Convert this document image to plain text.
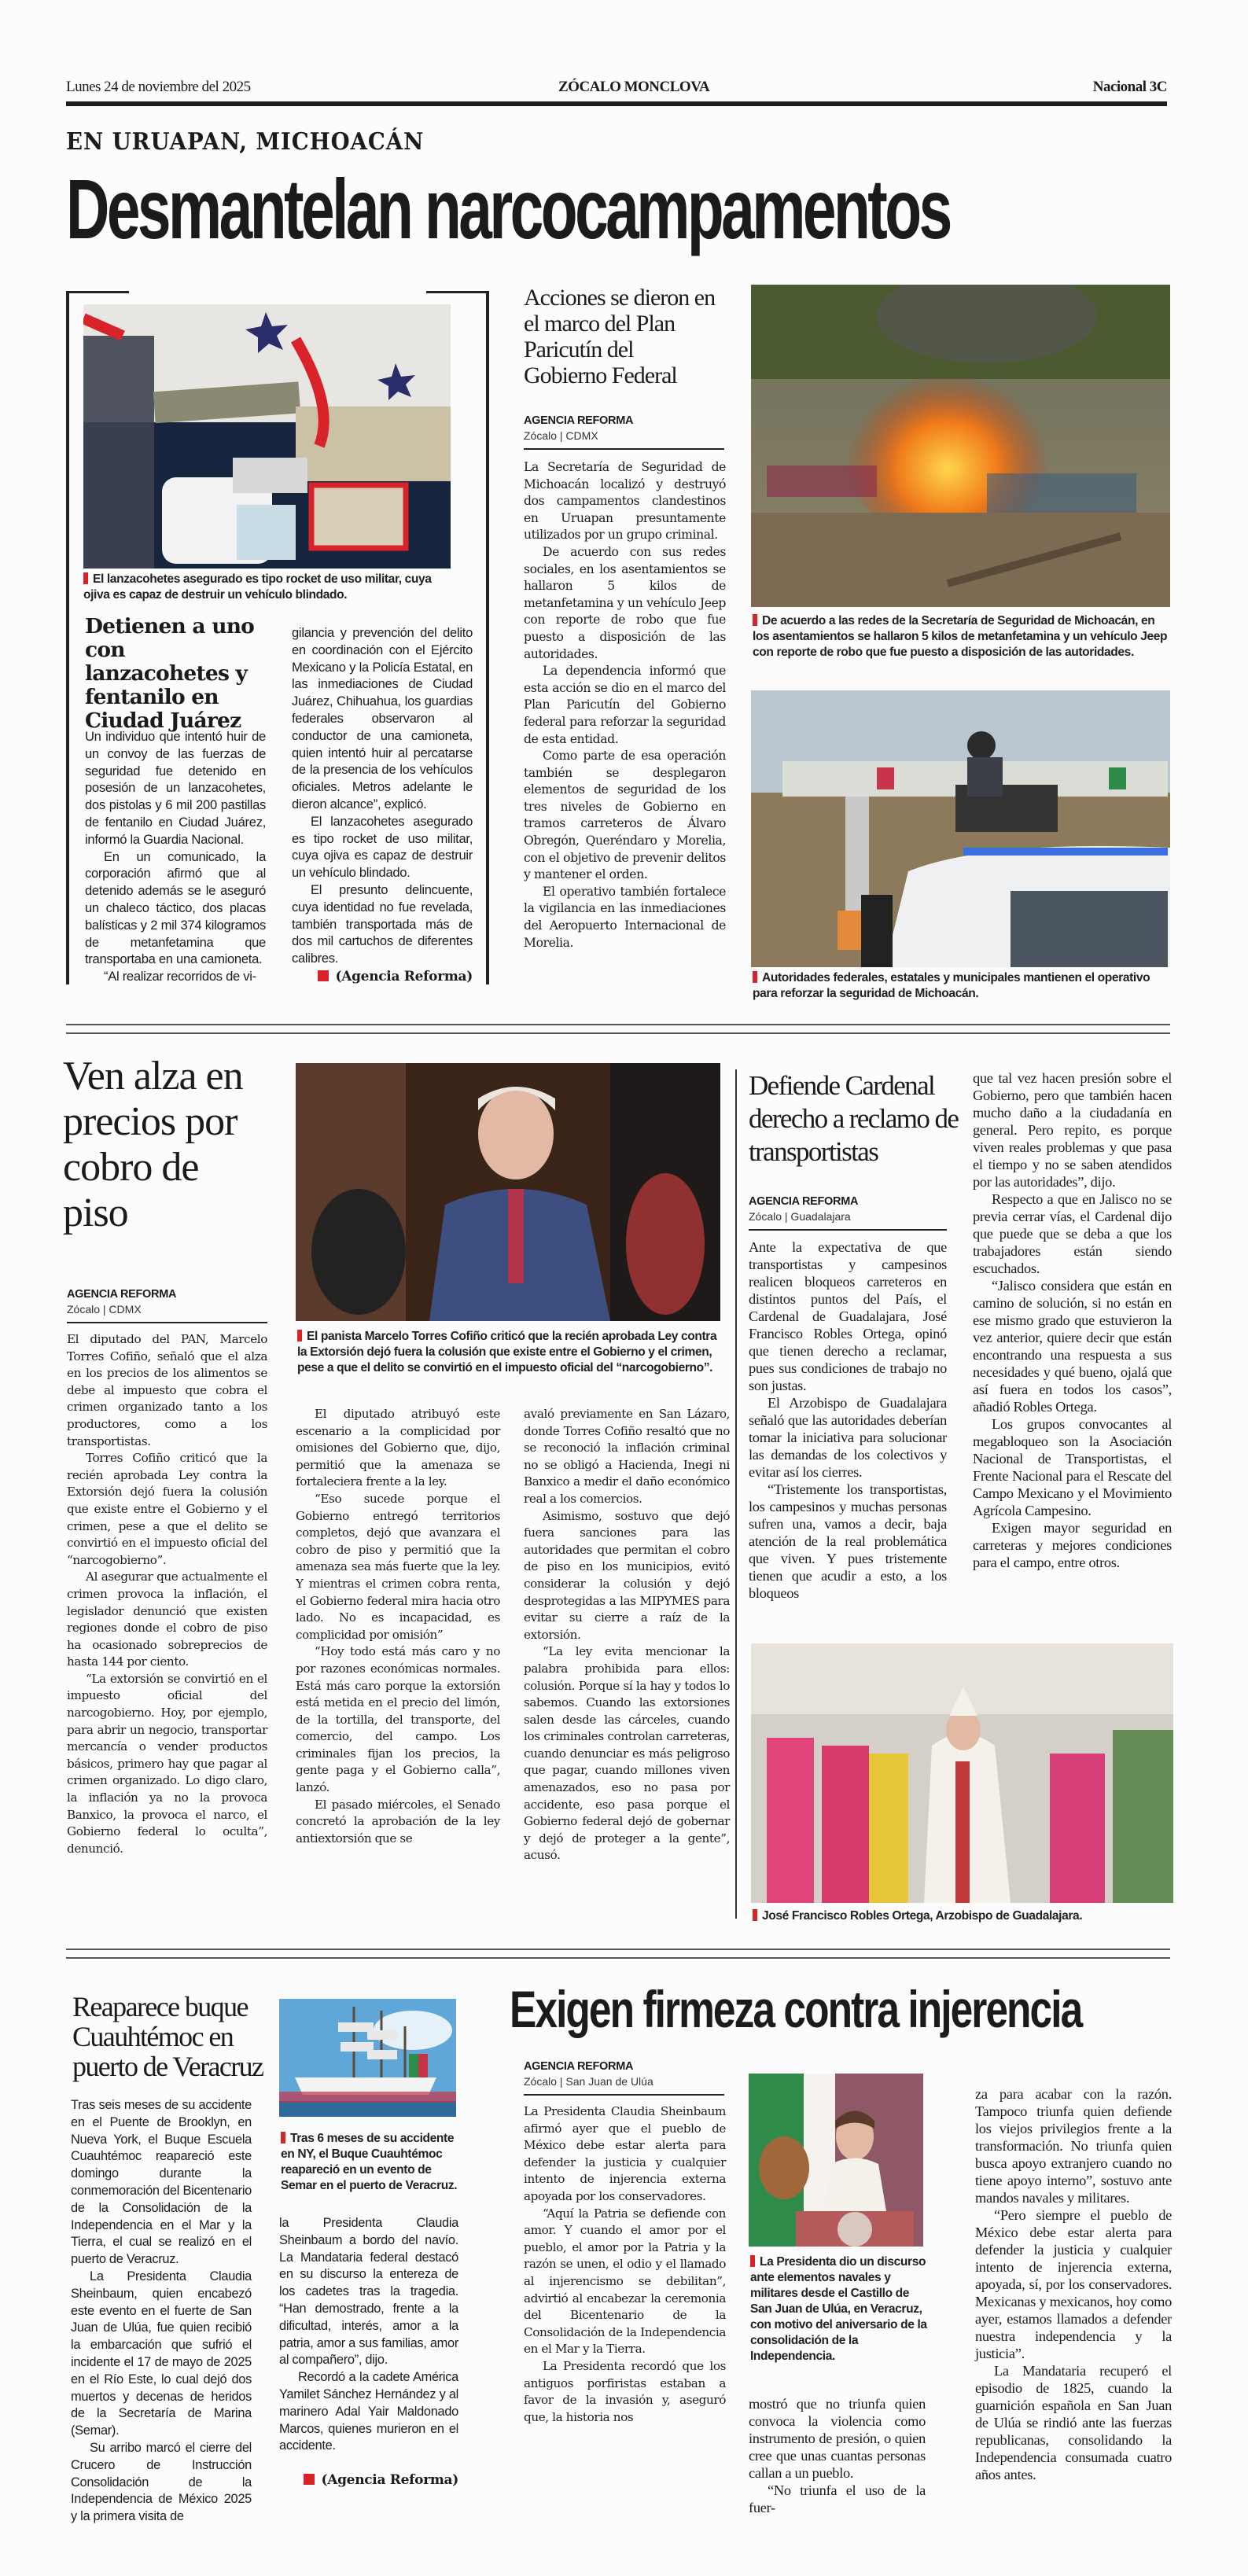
Lunes 24 de noviembre del 2025	ZÓCALO MONCLOVA	Nacional 3C
EN URUAPAN, MICHOACÁN
Desmantelan narcocampamentos
El lanzacohetes asegurado es tipo rocket de uso militar, cuya ojiva es capaz de destruir un vehículo blindado.
Detienen a uno con lanzacohetes y fentanilo en Ciudad Juárez

Un individuo que intentó huir de un convoy de las fuerzas de seguridad fue detenido en posesión de un lanzacohetes, dos pistolas y 6 mil 200 pastillas de fentanilo en Ciudad Juárez, informó la Guardia Nacional.

En un comunicado, la corporación afirmó que al detenido además se le aseguró un chaleco táctico, dos placas balísticas y 2 mil 374 kilogramos de metanfetamina que transportaba en una camioneta.

“Al realizar recorridos de vi-

gilancia y prevención del delito en coordinación con el Ejército Mexicano y la Policía Estatal, en las inmediaciones de Ciudad Juárez, Chihuahua, los guardias federales observaron al conductor de una camioneta, quien intentó huir al percatarse de la presencia de los vehículos oficiales. Metros adelante le dieron alcance”, explicó.

El lanzacohetes asegurado es tipo rocket de uso militar, cuya ojiva es capaz de destruir un vehículo blindado.

El presunto delincuente, cuya identidad no fue revelada, también transportada más de dos mil cartuchos de diferentes calibres.

(Agencia Reforma)
Acciones se dieron en el marco del Plan Paricutín del Gobierno Federal
AGENCIA REFORMA
Zócalo | CDMX

La Secretaría de Seguridad de Michoacán localizó y destruyó dos campamentos clandestinos en Uruapan presuntamente utilizados por un grupo criminal.

De acuerdo con sus redes sociales, en los asentamientos se hallaron 5 kilos de metanfetamina y un vehículo Jeep con reporte de robo que fue puesto a disposición de las autoridades.

La dependencia informó que esta acción se dio en el marco del Plan Paricutín del Gobierno federal para reforzar la seguridad de esta entidad.

Como parte de esa operación también se desplegaron elementos de seguridad de los tres niveles de Gobierno en tramos carreteros de Álvaro Obregón, Queréndaro y Morelia, con el objetivo de prevenir delitos y mantener el orden.

El operativo también fortalece la vigilancia en las inmediaciones del Aeropuerto Internacional de Morelia.

De acuerdo a las redes de la Secretaría de Seguridad de Michoacán, en los asentamientos se hallaron 5 kilos de metanfetamina y un vehículo Jeep con reporte de robo que fue puesto a disposición de las autoridades.
Autoridades federales, estatales y municipales mantienen el operativo para reforzar la seguridad de Michoacán.
Ven alza en precios por cobro de piso
AGENCIA REFORMA
Zócalo | CDMX

El diputado del PAN, Marcelo Torres Cofiño, señaló que el alza en los precios de los alimentos se debe al impuesto que cobra el crimen organizado tanto a los productores, como a los transportistas.

Torres Cofiño criticó que la recién aprobada Ley contra la Extorsión dejó fuera la colusión que existe entre el Gobierno y el crimen, pese a que el delito se convirtió en el impuesto oficial del “narcogobierno”.

Al asegurar que actualmente el crimen provoca la inflación, el legislador denunció que existen regiones donde el cobro de piso ha ocasionado sobreprecios de hasta 144 por ciento.

“La extorsión se convirtió en el impuesto oficial del narcogobierno. Hoy, por ejemplo, para abrir un negocio, transportar mercancía o vender productos básicos, primero hay que pagar al crimen organizado. Lo digo claro, la inflación ya no la provoca Banxico, la provoca el narco, el Gobierno federal lo oculta”, denunció.

El panista Marcelo Torres Cofiño criticó que la recién aprobada Ley contra la Extorsión dejó fuera la colusión que existe entre el Gobierno y el crimen, pese a que el delito se convirtió en el impuesto oficial del “narcogobierno”.

El diputado atribuyó este escenario a la complicidad por omisiones del Gobierno que, dijo, permitió que la amenaza se fortaleciera frente a la ley.

“Eso sucede porque el Gobierno entregó territorios completos, dejó que avanzara el cobro de piso y permitió que la amenaza sea más fuerte que la ley. Y mientras el crimen cobra renta, el Gobierno federal mira hacia otro lado. No es incapacidad, es complicidad por omisión”

“Hoy todo está más caro y no por razones económicas normales. Está más caro porque la extorsión está metida en el precio del limón, de la tortilla, del transporte, del comercio, del campo. Los criminales fijan los precios, la gente paga y el Gobierno calla”, lanzó.

El pasado miércoles, el Senado concretó la aprobación de la ley antiextorsión que se

avaló previamente en San Lázaro, donde Torres Cofiño resaltó que no se reconoció la inflación criminal no se obligó a Hacienda, Inegi ni Banxico a medir el daño económico real a los comercios.

Asimismo, sostuvo que dejó fuera sanciones para las autoridades que permitan el cobro de piso en los municipios, evitó considerar la colusión y dejó desprotegidas a las MIPYMES para evitar su cierre a raíz de la extorsión.

“La ley evita mencionar la palabra prohibida para ellos: colusión. Porque sí la hay y todos lo sabemos. Cuando las extorsiones salen desde las cárceles, cuando los criminales controlan carreteras, cuando denunciar es más peligroso que pagar, cuando millones viven amenazados, eso no pasa por accidente, eso pasa porque el Gobierno federal dejó de gobernar y dejó de proteger a la gente”, acusó.

Defiende Cardenal derecho a reclamo de transportistas
AGENCIA REFORMA
Zócalo | Guadalajara

Ante la expectativa de que transportistas y campesinos realicen bloqueos carreteros en distintos puntos del País, el Cardenal de Guadalajara, José Francisco Robles Ortega, opinó que tienen derecho a reclamar, pues sus condiciones de trabajo no son justas.

El Arzobispo de Guadalajara señaló que las autoridades deberían tomar la iniciativa para solucionar las demandas de los colectivos y evitar así los cierres.

“Tristemente los transportistas, los campesinos y muchas personas sufren una, vamos a decir, baja atención de la real problemática que viven. Y pues tristemente tienen que acudir a esto, a los bloqueos

que tal vez hacen presión sobre el Gobierno, pero que también hacen mucho daño a la ciudadanía en general. Pero repito, es porque viven reales problemas y que pasa el tiempo y no se saben atendidos por las autoridades”, dijo.

Respecto a que en Jalisco no se previa cerrar vías, el Cardenal dijo que puede que se deba a que los trabajadores están siendo escuchados.

“Jalisco considera que están en camino de solución, si no están en ese mismo grado que estuvieron la vez anterior, quiere decir que están encontrando una respuesta a sus necesidades y qué bueno, ojalá que así fuera en todos los casos”, añadió Robles Ortega.

Los grupos convocantes al megabloqueo son la Asociación Nacional de Transportistas, el Frente Nacional para el Rescate del Campo Mexicano y el Movimiento Agrícola Campesino.

Exigen mayor seguridad en carreteras y mejores condiciones para el campo, entre otros.

José Francisco Robles Ortega, Arzobispo de Guadalajara.
Reaparece buque Cuauhtémoc en puerto de Veracruz

Tras seis meses de su accidente en el Puente de Brooklyn, en Nueva York, el Buque Escuela Cuauhtémoc reapareció este domingo durante la conmemoración del Bicentenario de la Consolidación de la Independencia en el Mar y la Tierra, el cual se realizó en el puerto de Veracruz.

La Presidenta Claudia Sheinbaum, quien encabezó este evento en el fuerte de San Juan de Ulúa, fue quien recibió la embarcación que sufrió el incidente el 17 de mayo de 2025 en el Río Este, lo cual dejó dos muertos y decenas de heridos de la Secretaría de Marina (Semar).

Su arribo marcó el cierre del Crucero de Instrucción Consolidación de la Independencia de México 2025 y la primera visita de

Tras 6 meses de su accidente en NY, el Buque Cuauhtémoc reapareció en un evento de Semar en el puerto de Veracruz.

la Presidenta Claudia Sheinbaum a bordo del navío. La Mandataria federal destacó en su discurso la entereza de los cadetes tras la tragedia. “Han demostrado, frente a la dificultad, interés, amor a la patria, amor a sus familias, amor al compañero”, dijo.

Recordó a la cadete América Yamilet Sánchez Hernández y al marinero Adal Yair Maldonado Marcos, quienes murieron en el accidente.

(Agencia Reforma)
Exigen firmeza contra injerencia
AGENCIA REFORMA
Zócalo | San Juan de Ulúa

La Presidenta Claudia Sheinbaum afirmó ayer que el pueblo de México debe estar alerta para defender la justicia y cualquier intento de injerencia externa apoyada por los conservadores.

“Aquí la Patria se defiende con amor. Y cuando el amor por el pueblo, el amor por la Patria y la razón se unen, el odio y el llamado al injerencismo se debilitan”, advirtió al encabezar la ceremonia del Bicentenario de la Consolidación de la Independencia en el Mar y la Tierra.

La Presidenta recordó que los antiguos porfiristas estaban a favor de la invasión y, aseguró que, la historia nos

La Presidenta dio un discurso ante elementos navales y militares desde el Castillo de San Juan de Ulúa, en Veracruz, con motivo del aniversario de la consolidación de la Independencia.

mostró que no triunfa quien convoca la violencia como instrumento de presión, o quien cree que unas cuantas personas callan a un pueblo.

“No triunfa el uso de la fuer-

za para acabar con la razón. Tampoco triunfa quien defiende los viejos privilegios frente a la transformación. No triunfa quien busca apoyo extranjero cuando no tiene apoyo interno”, sostuvo ante mandos navales y militares.

“Pero siempre el pueblo de México debe estar alerta para defender la justicia y cualquier intento de injerencia externa, apoyada, sí, por los conservadores. Mexicanas y mexicanos, hoy como ayer, estamos llamados a defender nuestra independencia y la justicia”.

La Mandataria recuperó el episodio de 1825, cuando la guarnición española en San Juan de Ulúa se rindió ante las fuerzas republicanas, consolidando la Independencia consumada cuatro años antes.
